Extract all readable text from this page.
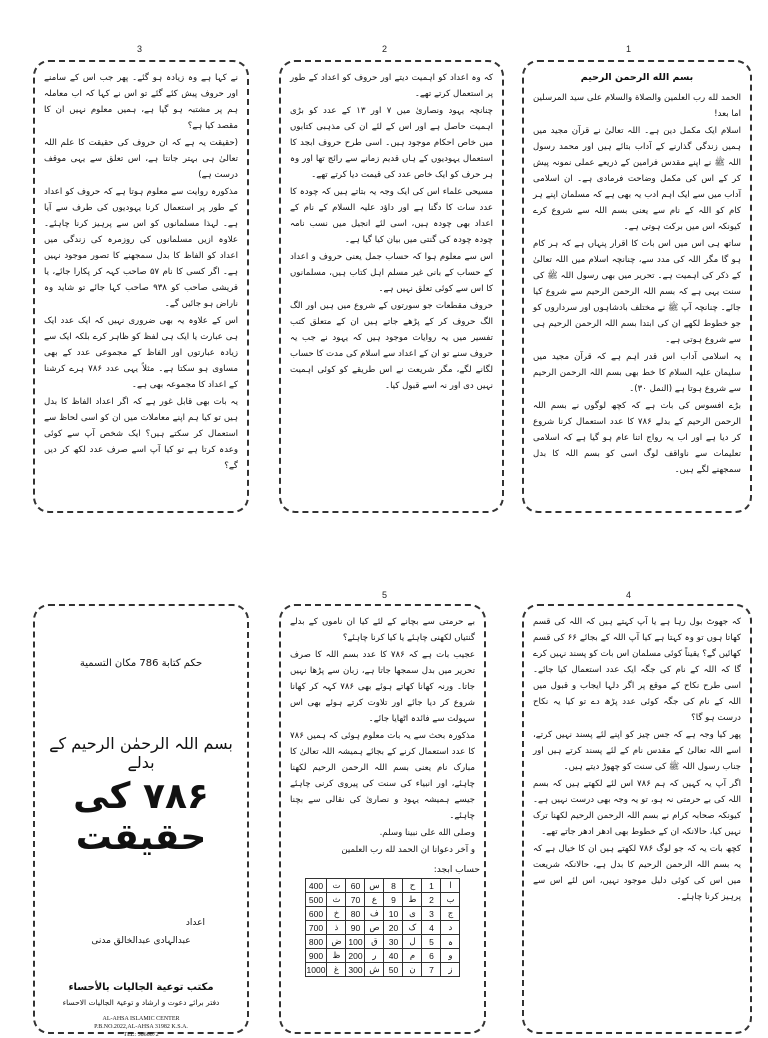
1
2
3
4
5
بسم الله الرحمن الرحيم

الحمد لله رب العلمين والصلاة والسلام على سيد المرسلين اما بعد!

اسلام ایک مکمل دین ہے۔ اللہ تعالیٰ نے قرآن مجید میں ہمیں زندگی گذارنے کے آداب بتائے ہیں اور محمد رسول اللہ ﷺ نے اپنے مقدس فرامین کے ذریعے عملی نمونہ پیش کر کے اس کی مکمل وضاحت فرمادی ہے۔ ان اسلامی آداب میں سے ایک اہم ادب یہ بھی ہے کہ مسلمان اپنے ہر کام کو اللہ کے نام سے یعنی بسم اللہ سے شروع کرے کیونکہ اس میں برکت ہوتی ہے۔

ساتھ ہی اس میں اس بات کا اقرار پنہاں ہے کہ ہر کام ہو گا مگر اللہ کی مدد سے، چنانچہ اسلام میں اللہ تعالیٰ کے ذکر کی اہمیت ہے۔ تحریر میں بھی رسول اللہ ﷺ کی سنت یہی ہے کہ بسم اللہ الرحمن الرحیم سے شروع کیا جائے۔ چنانچہ آپ ﷺ نے مختلف بادشاہوں اور سرداروں کو جو خطوط لکھے ان کی ابتدا بسم اللہ الرحمن الرحیم ہی سے شروع ہوتی ہے۔

یہ اسلامی آداب اس قدر اہم ہے کہ قرآن مجید میں سلیمان علیہ السلام کا خط بھی بسم اللہ الرحمن الرحیم سے شروع ہوتا ہے (النمل ۳۰)۔

بڑے افسوس کی بات ہے کہ کچھ لوگوں نے بسم اللہ الرحمن الرحیم کے بدلے ۷۸۶ کا عدد استعمال کرنا شروع کر دیا ہے اور اب یہ رواج اتنا عام ہو گیا ہے کہ اسلامی تعلیمات سے ناواقف لوگ اسی کو بسم اللہ کا بدل سمجھنے لگے ہیں۔

کہ وہ اعداد کو اہمیت دیتے اور حروف کو اعداد کے طور پر استعمال کرتے تھے۔

چنانچہ یہود ونصاریٰ میں ۷ اور ۱۳ کے عدد کو بڑی اہمیت حاصل ہے اور اس کے لئے ان کی مذہبی کتابوں میں خاص احکام موجود ہیں۔ اسی طرح حروف ابجد کا استعمال یہودیوں کے ہاں قدیم زمانے سے رائج تھا اور وہ ہر حرف کو ایک خاص عدد کی قیمت دیا کرتے تھے۔

مسیحی علماء اس کی ایک وجہ یہ بتاتے ہیں کہ چودہ کا عدد سات کا دگنا ہے اور داؤد علیہ السلام کے نام کے اعداد بھی چودہ ہیں، اسی لئے انجیل میں نسب نامہ چودہ چودہ کی گنتی میں بیان کیا گیا ہے۔

اس سے معلوم ہوا کہ حساب جمل یعنی حروف و اعداد کے حساب کے بانی غیر مسلم اہل کتاب ہیں، مسلمانوں کا اس سے کوئی تعلق نہیں ہے۔

حروف مقطعات جو سورتوں کے شروع میں ہیں اور الگ الگ حروف کر کے پڑھے جاتے ہیں ان کے متعلق کتب تفسیر میں یہ روایات موجود ہیں کہ یہود نے جب یہ حروف سنے تو ان کے اعداد سے اسلام کی مدت کا حساب لگانے لگے، مگر شریعت نے اس طریقے کو کوئی اہمیت نہیں دی اور نہ اسے قبول کیا۔

نے کہا ہے وہ زیادہ ہو گئے۔ پھر جب اس کے سامنے اور حروف پیش کئے گئے تو اس نے کہا کہ اب معاملہ ہم پر مشتبہ ہو گیا ہے، ہمیں معلوم نہیں ان کا مقصد کیا ہے؟

(حقیقت یہ ہے کہ ان حروف کی حقیقت کا علم اللہ تعالیٰ ہی بہتر جانتا ہے، اس تعلق سے یہی موقف درست ہے)

مذکورہ روایت سے معلوم ہوتا ہے کہ حروف کو اعداد کے طور پر استعمال کرنا یہودیوں کی طرف سے آیا ہے۔ لہذا مسلمانوں کو اس سے پرہیز کرنا چاہئے۔ علاوہ ازیں مسلمانوں کی روزمرہ کی زندگی میں اعداد کو الفاظ کا بدل سمجھنے کا تصور موجود نہیں ہے۔ اگر کسی کا نام ۵۷ صاحب کہہ کر پکارا جائے، یا قریشی صاحب کو ۹۳۸ صاحب کہا جائے تو شاید وہ ناراض ہو جائیں گے۔

اس کے علاوہ یہ بھی ضروری نہیں کہ ایک عدد ایک ہی عبارت یا ایک ہی لفظ کو ظاہر کرے بلکہ ایک سے زیادہ عبارتوں اور الفاظ کے مجموعی عدد کے بھی مساوی ہو سکتا ہے۔ مثلاً یہی عدد ۷۸۶ ہرے کرشنا کے اعداد کا مجموعہ بھی ہے۔

یہ بات بھی قابل غور ہے کہ اگر اعداد الفاظ کا بدل ہیں تو کیا ہم اپنے معاملات میں ان کو اسی لحاظ سے استعمال کر سکتے ہیں؟ ایک شخص آپ سے کوئی وعدہ کرتا ہے تو کیا آپ اسے صرف عدد لکھ کر دیں گے؟

کہ جھوٹ بول رہا ہے یا آپ کہتے ہیں کہ اللہ کی قسم کھاتا ہوں تو وہ کہتا ہے کیا آپ اللہ کے بجائے ۶۶ کی قسم کھائیں گے؟ یقیناً کوئی مسلمان اس بات کو پسند نہیں کرے گا کہ اللہ کے نام کی جگہ ایک عدد استعمال کیا جائے۔ اسی طرح نکاح کے موقع پر اگر دلہا ایجاب و قبول میں اللہ کے نام کی جگہ کوئی عدد پڑھ دے تو کیا یہ نکاح درست ہو گا؟

پھر کیا وجہ ہے کہ جس چیز کو اپنے لئے پسند نہیں کرتے، اسے اللہ تعالیٰ کے مقدس نام کے لئے پسند کرتے ہیں اور جناب رسول اللہ ﷺ کی سنت کو چھوڑ دیتے ہیں۔

اگر آپ یہ کہیں کہ ہم ۷۸۶ اس لئے لکھتے ہیں کہ بسم اللہ کی بے حرمتی نہ ہو، تو یہ وجہ بھی درست نہیں ہے۔ کیونکہ صحابہ کرام نے بسم اللہ الرحمن الرحیم لکھنا ترک نہیں کیا، حالانکہ ان کے خطوط بھی ادھر ادھر جاتے تھے۔

کچھ بات یہ کہ جو لوگ ۷۸۶ لکھتے ہیں ان کا خیال ہے کہ یہ بسم اللہ الرحمن الرحیم کا بدل ہے، حالانکہ شریعت میں اس کی کوئی دلیل موجود نہیں، اس لئے اس سے پرہیز کرنا چاہئے۔

بے حرمتی سے بچانے کے لئے کیا ان ناموں کے بدلے گنتیاں لکھنی چاہئے یا کیا کرنا چاہئے؟

عجیب بات ہے کہ ۷۸۶ کا عدد بسم اللہ کا صرف تحریر میں بدل سمجھا جاتا ہے، زبان سے پڑھا نہیں جاتا۔ ورنہ کھانا کھاتے ہوئے بھی ۷۸۶ کہہ کر کھانا شروع کر دیا جائے اور تلاوت کرتے ہوئے بھی اس سہولت سے فائدہ اٹھایا جائے۔

مذکورہ بحث سے یہ بات معلوم ہوئی کہ ہمیں ۷۸۶ کا عدد استعمال کرنے کے بجائے ہمیشہ اللہ تعالیٰ کا مبارک نام یعنی بسم اللہ الرحمن الرحیم لکھنا چاہئے، اور انبیاء کی سنت کی پیروی کرنی چاہئے جیسے ہمیشہ یہود و نصاریٰ کی نقالی سے بچنا چاہئے۔

وصلى الله على نبينا وسلم.

و آخر دعوانا ان الحمد لله رب العلمين

حساب ابجد:
400	ت	60	س	8	ح	1	ا
500	ث	70	ع	9	ط	2	ب
600	خ	80	ف	10	ی	3	ج
700	ذ	90	ص	20	ک	4	د
800	ض	100	ق	30	ل	5	ہ
900	ظ	200	ر	40	م	6	و
1000	غ	300	ش	50	ن	7	ز
حكم كتابة 786 مكان التسمية
بسم اللہ الرحمٰن الرحیم کے بدلے
۷۸۶ کی حقیقت
اعداد
عبدالہادی عبدالخالق مدنی
مكتب توعية الجاليات بالأحساء
دفتر برائے دعوت و ارشاد و توعیۃ الجالیات الاحساء
AL-AHSA ISLAMIC CENTER
P.B.NO.2022,AL-AHSA 31982 K.S.A.
TEL: 5866672
